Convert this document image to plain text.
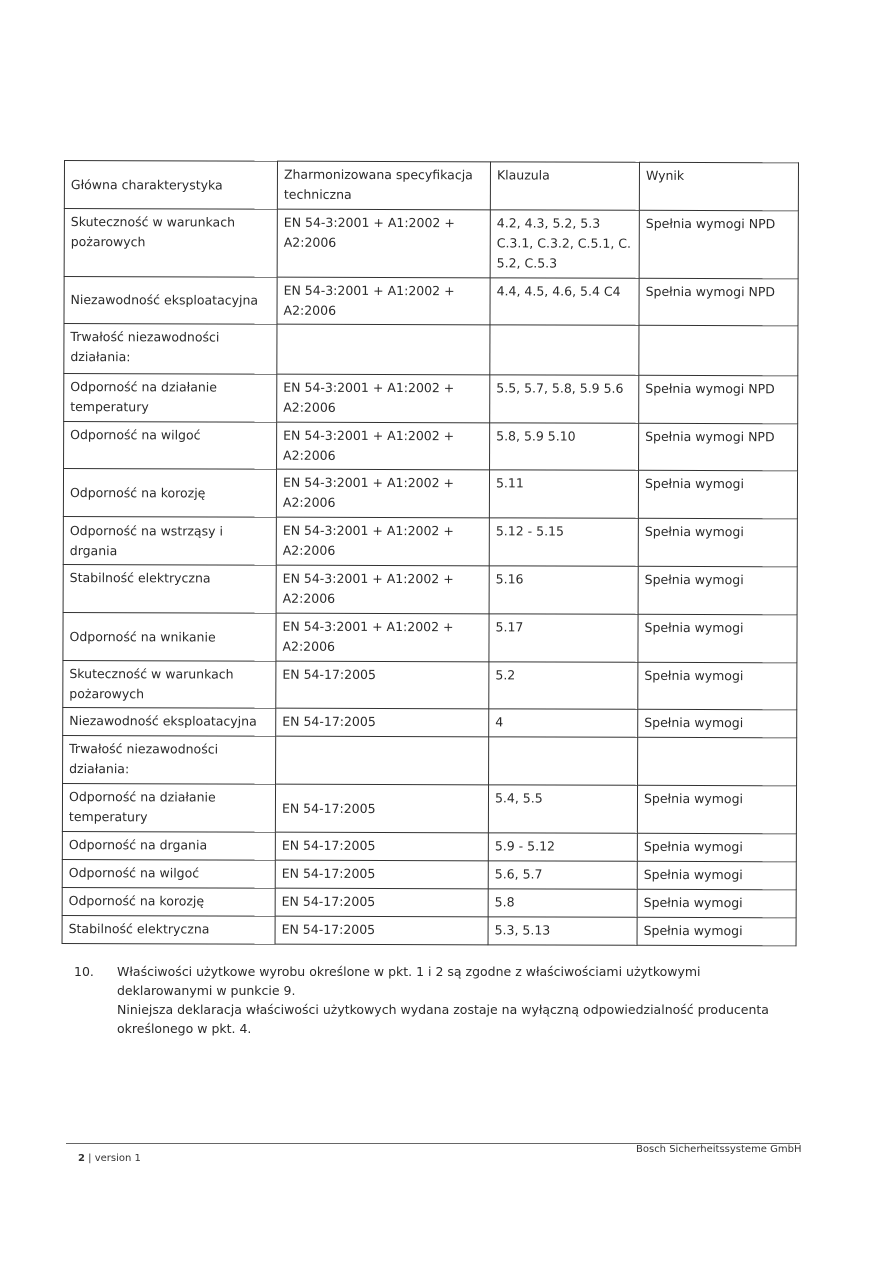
Główna charakterystyka	Zharmonizowana specyfikacja techniczna	Klauzula	Wynik
Skuteczność w warunkach pożarowych	EN 54-3:2001 + A1:2002 + A2:2006	4.2, 4.3, 5.2, 5.3 C.3.1, C.3.2, C.5.1, C. 5.2, C.5.3	Spełnia wymogi NPD
Niezawodność eksploatacyjna	EN 54-3:2001 + A1:2002 + A2:2006	4.4, 4.5, 4.6, 5.4 C4	Spełnia wymogi NPD
Trwałość niezawodności działania:			
Odporność na działanie temperatury	EN 54-3:2001 + A1:2002 + A2:2006	5.5, 5.7, 5.8, 5.9 5.6	Spełnia wymogi NPD
Odporność na wilgoć	EN 54-3:2001 + A1:2002 + A2:2006	5.8, 5.9 5.10	Spełnia wymogi NPD
Odporność na korozję	EN 54-3:2001 + A1:2002 + A2:2006	5.11	Spełnia wymogi
Odporność na wstrząsy i drgania	EN 54-3:2001 + A1:2002 + A2:2006	5.12 - 5.15	Spełnia wymogi
Stabilność elektryczna	EN 54-3:2001 + A1:2002 + A2:2006	5.16	Spełnia wymogi
Odporność na wnikanie	EN 54-3:2001 + A1:2002 + A2:2006	5.17	Spełnia wymogi
Skuteczność w warunkach pożarowych	EN 54-17:2005	5.2	Spełnia wymogi
Niezawodność eksploatacyjna	EN 54-17:2005	4	Spełnia wymogi
Trwałość niezawodności działania:			
Odporność na działanie temperatury	EN 54-17:2005	5.4, 5.5	Spełnia wymogi
Odporność na drgania	EN 54-17:2005	5.9 - 5.12	Spełnia wymogi
Odporność na wilgoć	EN 54-17:2005	5.6, 5.7	Spełnia wymogi
Odporność na korozję	EN 54-17:2005	5.8	Spełnia wymogi
Stabilność elektryczna	EN 54-17:2005	5.3, 5.13	Spełnia wymogi
10. Właściwości użytkowe wyrobu określone w pkt. 1 i 2 są zgodne z właściwościami użytkowymi deklarowanymi w punkcie 9.

Niniejsza deklaracja właściwości użytkowych wydana zostaje na wyłączną odpowiedzialność producenta określonego w pkt. 4.

2 | version 1
Bosch Sicherheitssysteme GmbH
